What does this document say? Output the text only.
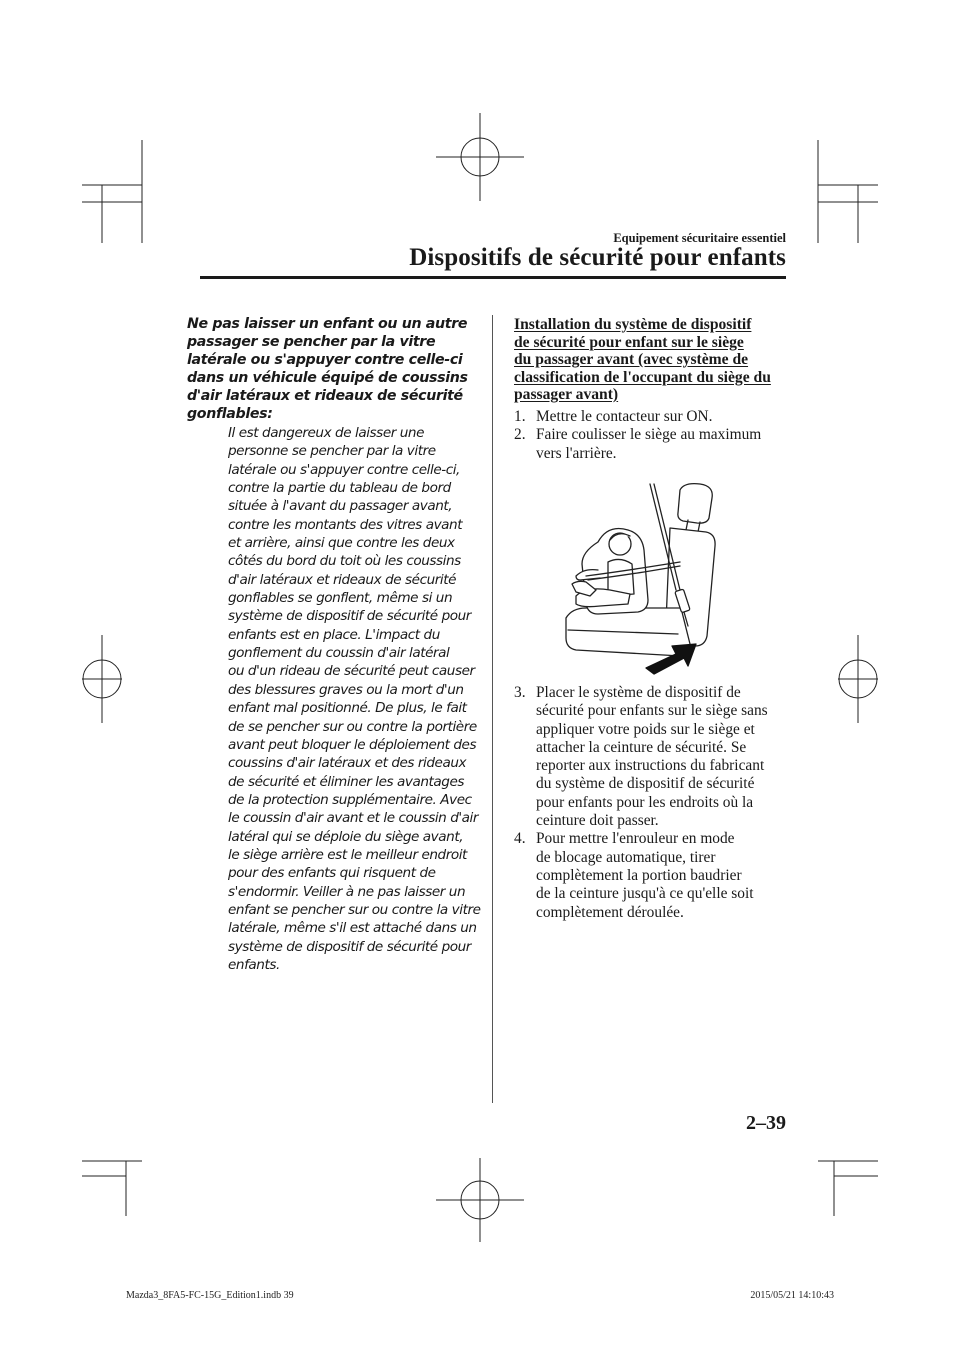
Equipement sécuritaire essentiel
Dispositifs de sécurité pour enfants
Ne pas laisser un enfant ou un autre
passager se pencher par la vitre
latérale ou s'appuyer contre celle-ci
dans un véhicule équipé de coussins
d'air latéraux et rideaux de sécurité
gonflables:
Il est dangereux de laisser une
personne se pencher par la vitre
latérale ou s'appuyer contre celle-ci,
contre la partie du tableau de bord
située à l'avant du passager avant,
contre les montants des vitres avant
et arrière, ainsi que contre les deux
côtés du bord du toit où les coussins
d'air latéraux et rideaux de sécurité
gonflables se gonflent, même si un
système de dispositif de sécurité pour
enfants est en place. L'impact du
gonflement du coussin d'air latéral
ou d'un rideau de sécurité peut causer
des blessures graves ou la mort d'un
enfant mal positionné. De plus, le fait
de se pencher sur ou contre la portière
avant peut bloquer le déploiement des
coussins d'air latéraux et des rideaux
de sécurité et éliminer les avantages
de la protection supplémentaire. Avec
le coussin d'air avant et le coussin d'air
latéral qui se déploie du siège avant,
le siège arrière est le meilleur endroit
pour des enfants qui risquent de
s'endormir. Veiller à ne pas laisser un
enfant se pencher sur ou contre la vitre
latérale, même s'il est attaché dans un
système de dispositif de sécurité pour
enfants.
Installation du système de dispositif
de sécurité pour enfant sur le siège
du passager avant (avec système de
classification de l'occupant du siège du
passager avant)
1. Mettre le contacteur sur ON.
2. Faire coulisser le siège au maximum
vers l'arrière.
3. Placer le système de dispositif de
sécurité pour enfants sur le siège sans
appliquer votre poids sur le siège et
attacher la ceinture de sécurité. Se
reporter aux instructions du fabricant
du système de dispositif de sécurité
pour enfants pour les endroits où la
ceinture doit passer.
4. Pour mettre l'enrouleur en mode
de blocage automatique, tirer
complètement la portion baudrier
de la ceinture jusqu'à ce qu'elle soit
complètement déroulée.
2–39
Mazda3_8FA5-FC-15G_Edition1.indb 39	2015/05/21 14:10:43
